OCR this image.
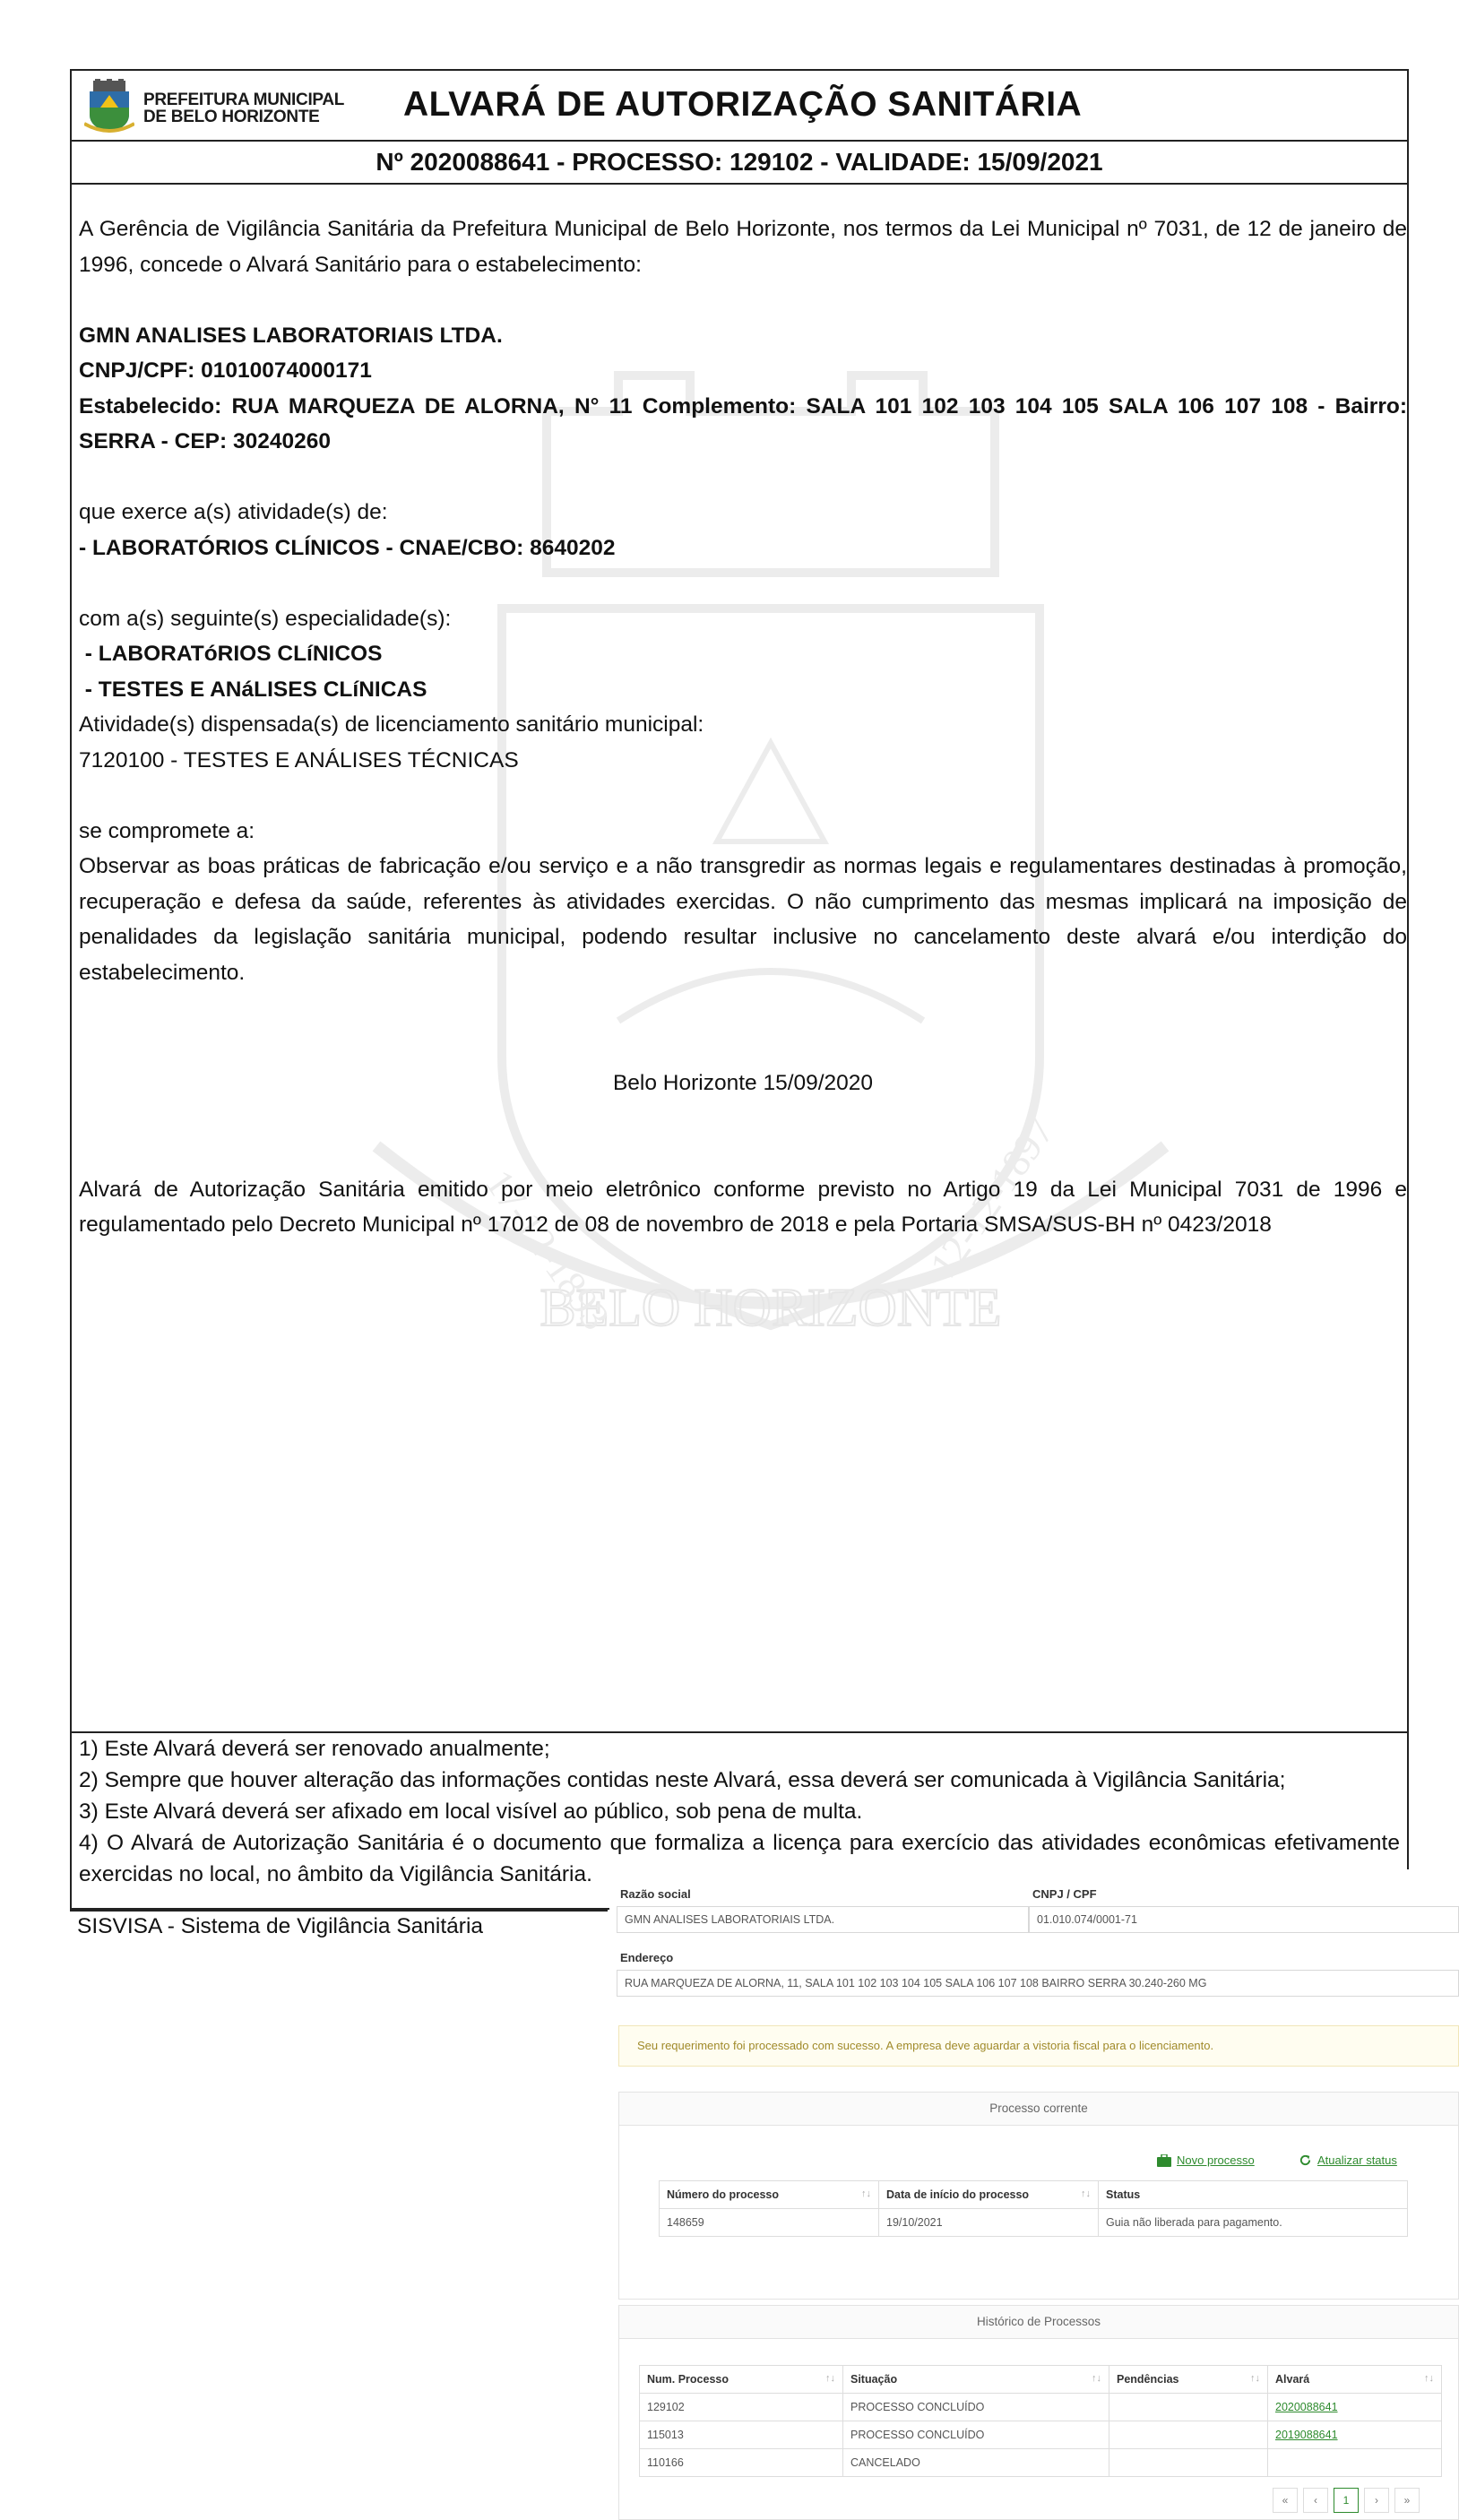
BELO HORIZONTE
17-12-1893	12-12-1897
PREFEITURA MUNICIPAL
DE BELO HORIZONTE	ALVARÁ DE AUTORIZAÇÃO SANITÁRIA
Nº 2020088641 - PROCESSO: 129102 - VALIDADE: 15/09/2021

A Gerência de Vigilância Sanitária da Prefeitura Municipal de Belo Horizonte, nos termos da Lei Municipal nº 7031, de 12 de janeiro de 1996, concede o Alvará Sanitário para o estabelecimento:

GMN ANALISES LABORATORIAIS LTDA.

CNPJ/CPF: 01010074000171

Estabelecido: RUA MARQUEZA DE ALORNA, N° 11 Complemento: SALA 101 102 103 104 105 SALA 106 107 108 - Bairro: SERRA - CEP: 30240260

que exerce a(s) atividade(s) de:

- LABORATÓRIOS CLÍNICOS - CNAE/CBO: 8640202

com a(s) seguinte(s) especialidade(s):

- LABORATóRIOS CLíNICOS

- TESTES E ANáLISES CLíNICAS

Atividade(s) dispensada(s) de licenciamento sanitário municipal:

7120100 - TESTES E ANÁLISES TÉCNICAS

se compromete a:

Observar as boas práticas de fabricação e/ou serviço e a não transgredir as normas legais e regulamentares destinadas à promoção, recuperação e defesa da saúde, referentes às atividades exercidas. O não cumprimento das mesmas implicará na imposição de penalidades da legislação sanitária municipal, podendo resultar inclusive no cancelamento deste alvará e/ou interdição do estabelecimento.

Belo Horizonte 15/09/2020

Alvará de Autorização Sanitária emitido por meio eletrônico conforme previsto no Artigo 19 da Lei Municipal 7031 de 1996 e regulamentado pelo Decreto Municipal nº 17012 de 08 de novembro de 2018 e pela Portaria SMSA/SUS-BH nº 0423/2018

1) Este Alvará deverá ser renovado anualmente;

2) Sempre que houver alteração das informações contidas neste Alvará, essa deverá ser comunicada à Vigilância Sanitária;

3) Este Alvará deverá ser afixado em local visível ao público, sob pena de multa.

4) O Alvará de Autorização Sanitária é o documento que formaliza a licença para exercício das atividades econômicas efetivamente exercidas no local, no âmbito da Vigilância Sanitária.

SISVISA - Sistema de Vigilância Sanitária
Razão social
GMN ANALISES LABORATORIAIS LTDA.
CNPJ / CPF
01.010.074/0001-71
Endereço
RUA MARQUEZA DE ALORNA, 11, SALA 101 102 103 104 105 SALA 106 107 108 BAIRRO SERRA 30.240-260 MG
Seu requerimento foi processado com sucesso. A empresa deve aguardar a vistoria fiscal para o licenciamento.
Processo corrente
Novo processo	Atualizar status
Número do processo ↑↓	Data de início do processo ↑↓	Status
148659	19/10/2021	Guia não liberada para pagamento.
Histórico de Processos
Num. Processo ↑↓	Situação ↑↓	Pendências ↑↓	Alvará ↑↓

129102	PROCESSO CONCLUÍDO		2020088641
115013	PROCESSO CONCLUÍDO		2019088641
110166	CANCELADO		
«	‹	1	›	»
